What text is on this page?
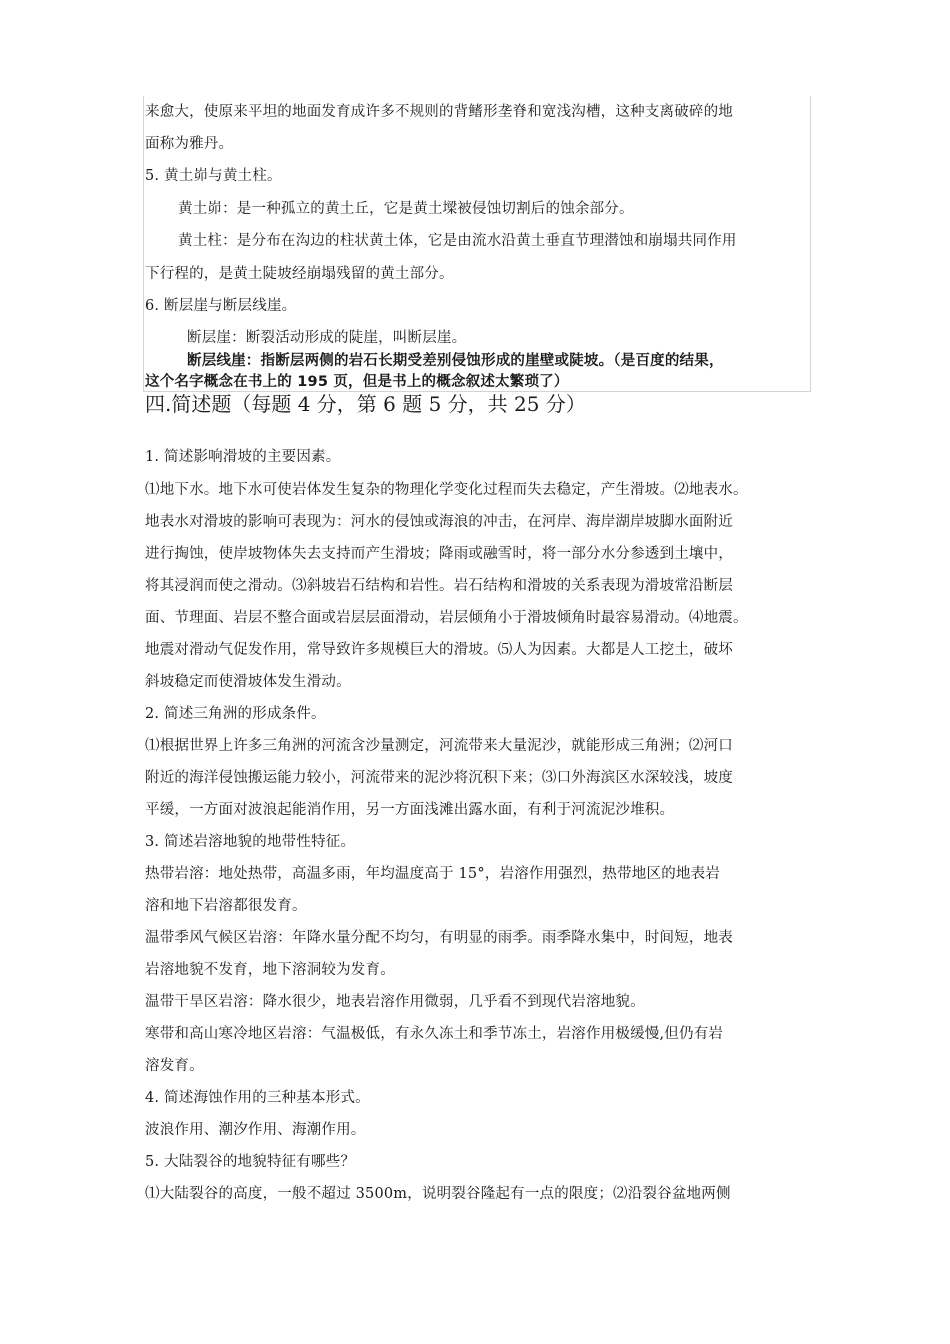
来愈大，使原来平坦的地面发育成许多不规则的背鳍形垄脊和宽浅沟槽，这种支离破碎的地
面称为雅丹。
5. 黄土峁与黄土柱。
黄土峁：是一种孤立的黄土丘，它是黄土墚被侵蚀切割后的蚀余部分。
黄土柱：是分布在沟边的柱状黄土体，它是由流水沿黄土垂直节理潜蚀和崩塌共同作用
下行程的，是黄土陡坡经崩塌残留的黄土部分。
6. 断层崖与断层线崖。
断层崖：断裂活动形成的陡崖，叫断层崖。
断层线崖：指断层两侧的岩石长期受差别侵蚀形成的崖壁或陡坡。（是百度的结果，
这个名字概念在书上的 195 页，但是书上的概念叙述太繁琐了）
四.简述题（每题 4 分，第 6 题 5 分，共 25 分）
1. 简述影响滑坡的主要因素。
⑴地下水。地下水可使岩体发生复杂的物理化学变化过程而失去稳定，产生滑坡。⑵地表水。
地表水对滑坡的影响可表现为：河水的侵蚀或海浪的冲击，在河岸、海岸湖岸坡脚水面附近
进行掏蚀，使岸坡物体失去支持而产生滑坡；降雨或融雪时，将一部分水分参透到土壤中，
将其浸润而使之滑动。⑶斜坡岩石结构和岩性。岩石结构和滑坡的关系表现为滑坡常沿断层
面、节理面、岩层不整合面或岩层层面滑动，岩层倾角小于滑坡倾角时最容易滑动。⑷地震。
地震对滑动气促发作用，常导致许多规模巨大的滑坡。⑸人为因素。大都是人工挖土，破坏
斜坡稳定而使滑坡体发生滑动。
2. 简述三角洲的形成条件。
⑴根据世界上许多三角洲的河流含沙量测定，河流带来大量泥沙，就能形成三角洲；⑵河口
附近的海洋侵蚀搬运能力较小，河流带来的泥沙将沉积下来；⑶口外海滨区水深较浅，坡度
平缓，一方面对波浪起能消作用，另一方面浅滩出露水面，有利于河流泥沙堆积。
3. 简述岩溶地貌的地带性特征。
热带岩溶：地处热带，高温多雨，年均温度高于 15°，岩溶作用强烈，热带地区的地表岩
溶和地下岩溶都很发育。
温带季风气候区岩溶：年降水量分配不均匀，有明显的雨季。雨季降水集中，时间短，地表
岩溶地貌不发育，地下溶洞较为发育。
温带干旱区岩溶：降水很少，地表岩溶作用微弱，几乎看不到现代岩溶地貌。
寒带和高山寒冷地区岩溶：气温极低，有永久冻土和季节冻土，岩溶作用极缓慢,但仍有岩
溶发育。
4. 简述海蚀作用的三种基本形式。
波浪作用、潮汐作用、海潮作用。
5. 大陆裂谷的地貌特征有哪些？
⑴大陆裂谷的高度，一般不超过 3500m，说明裂谷隆起有一点的限度；⑵沿裂谷盆地两侧
